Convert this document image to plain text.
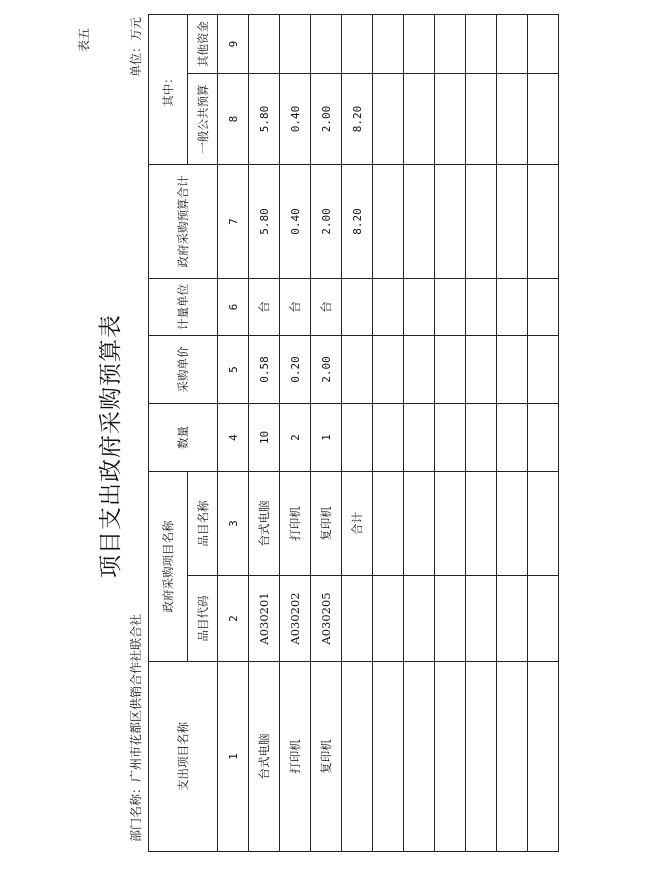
表五
项目支出政府采购预算表
部门名称：广州市花都区供销合作社联合社
单位：万元
支出项目名称	政府采购项目名称		数量	采购单价	计量单位	政府采购预算合计	其中：	
	品目代码	品目名称					一般公共预算	其他资金
1	2	3	4	5	6	7	8	9
台式电脑	A030201	台式电脑	10	0.58	台	5.80	5.80	
打印机	A030202	打印机	2	0.20	台	0.40	0.40	
复印机	A030205	复印机	1	2.00	台	2.00	2.00	
		合计				8.20	8.20	
